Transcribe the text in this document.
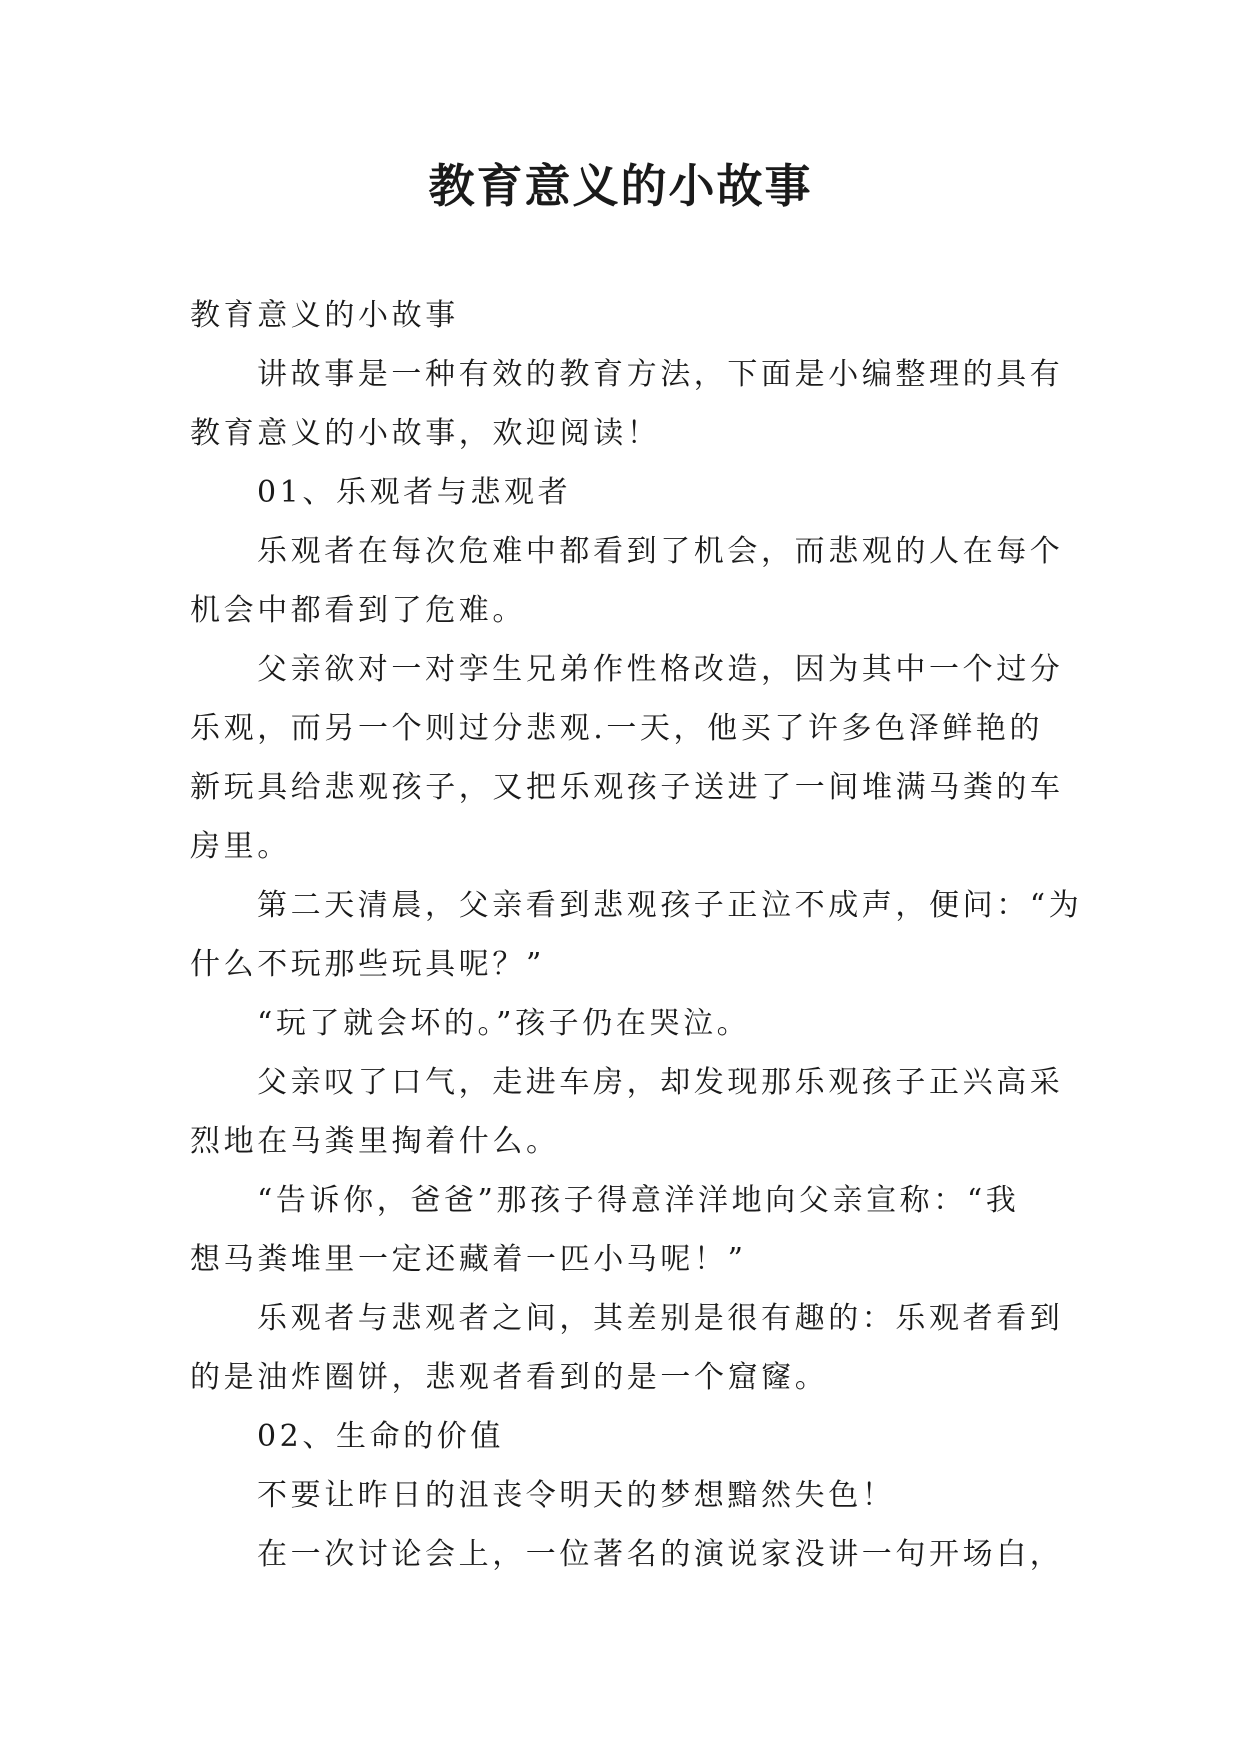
教育意义的小故事

教育意义的小故事

讲故事是一种有效的教育方法，下面是小编整理的具有

教育意义的小故事，欢迎阅读！

01、乐观者与悲观者

乐观者在每次危难中都看到了机会，而悲观的人在每个

机会中都看到了危难。

父亲欲对一对孪生兄弟作性格改造，因为其中一个过分

乐观，而另一个则过分悲观.一天，他买了许多色泽鲜艳的

新玩具给悲观孩子，又把乐观孩子送进了一间堆满马粪的车

房里。

第二天清晨，父亲看到悲观孩子正泣不成声，便问：“为

什么不玩那些玩具呢？”

“玩了就会坏的。”孩子仍在哭泣。

父亲叹了口气，走进车房，却发现那乐观孩子正兴高采

烈地在马粪里掏着什么。

“告诉你，爸爸”那孩子得意洋洋地向父亲宣称：“我

想马粪堆里一定还藏着一匹小马呢！”

乐观者与悲观者之间，其差别是很有趣的：乐观者看到

的是油炸圈饼，悲观者看到的是一个窟窿。

02、生命的价值

不要让昨日的沮丧令明天的梦想黯然失色！

在一次讨论会上，一位著名的演说家没讲一句开场白，
